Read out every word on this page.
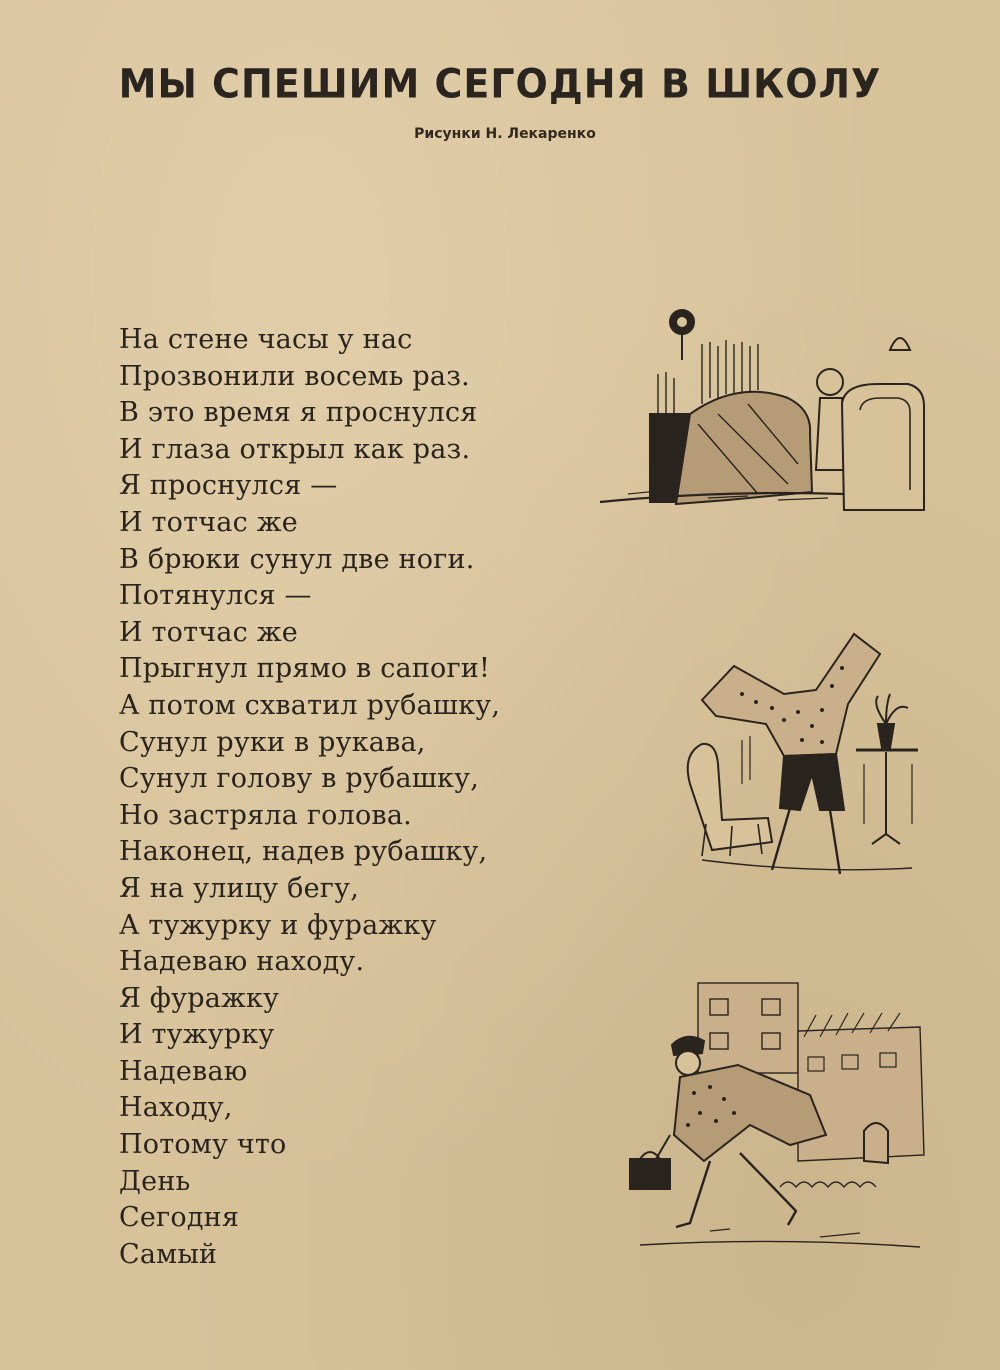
МЫ СПЕШИМ СЕГОДНЯ В ШКОЛУ
Рисунки Н. Лекаренко
На стене часы у нас
Прозвонили восемь раз.
В это время я проснулся
И глаза открыл как раз.
Я проснулся —
И тотчас же
В брюки сунул две ноги.
Потянулся —
И тотчас же
Прыгнул прямо в сапоги!
А потом схватил рубашку,
Сунул руки в рукава,
Сунул голову в рубашку,
Но застряла голова.
Наконец, надев рубашку,
Я на улицу бегу,
А тужурку и фуражку
Надеваю находу.
Я фуражку
И тужурку
Надеваю
Находу,
Потому что
День
Сегодня
Самый
